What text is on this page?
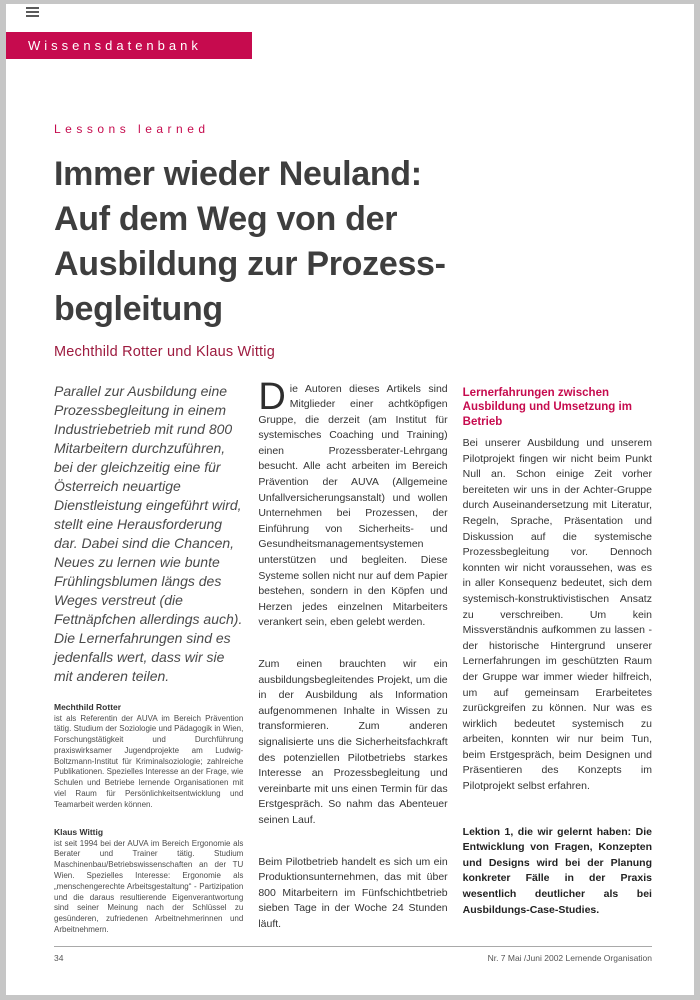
Wissensdatenbank
Lessons learned
Immer wieder Neuland:
Auf dem Weg von der
Ausbildung zur Prozess-
begleitung
Mechthild Rotter und Klaus Wittig

Parallel zur Ausbildung eine Prozessbegleitung in einem Industriebetrieb mit rund 800 Mitarbeitern durchzuführen, bei der gleichzeitig eine für Österreich neuartige Dienstleistung eingeführt wird, stellt eine Herausforderung dar. Dabei sind die Chancen, Neues zu lernen wie bunte Frühlingsblumen längs des Weges verstreut (die Fettnäpfchen allerdings auch). Die Lernerfahrungen sind es jedenfalls wert, dass wir sie mit anderen teilen.

Mechthild Rotter

ist als Referentin der AUVA im Bereich Prävention tätig. Studium der Soziologie und Pädagogik in Wien, Forschungstätigkeit und Durchführung praxiswirksamer Jugendprojekte am Ludwig-Boltzmann-Institut für Kriminalsoziologie; zahlreiche Publikationen. Spezielles Interesse an der Frage, wie Schulen und Betriebe lernende Organisationen mit viel Raum für Persönlichkeitsentwicklung und Teamarbeit werden können.

Klaus Wittig

ist seit 1994 bei der AUVA im Bereich Ergonomie als Berater und Trainer tätig. Studium Maschinenbau/Betriebswissenschaften an der TU Wien. Spezielles Interesse: Ergonomie als „menschengerechte Arbeitsgestaltung“ - Partizipation und die daraus resultierende Eigenverantwortung sind seiner Meinung nach der Schlüssel zu gesünderen, zufriedenen Arbeitnehmerinnen und Arbeitnehmern.

Die Autoren dieses Artikels sind Mitglieder einer achtköpfigen Gruppe, die derzeit (am Institut für systemisches Coaching und Training) einen Prozessberater-Lehrgang besucht. Alle acht arbeiten im Bereich Prävention der AUVA (Allgemeine Unfallversicherungsanstalt) und wollen Unternehmen bei Prozessen, der Einführung von Sicherheits- und Gesundheitsmanagementsystemen unterstützen und begleiten. Diese Systeme sollen nicht nur auf dem Papier bestehen, sondern in den Köpfen und Herzen jedes einzelnen Mitarbeiters verankert sein, eben gelebt werden.

Zum einen brauchten wir ein ausbildungsbegleitendes Projekt, um die in der Ausbildung als Information aufgenommenen Inhalte in Wissen zu transformieren. Zum anderen signalisierte uns die Sicherheitsfachkraft des potenziellen Pilotbetriebs starkes Interesse an Prozessbegleitung und vereinbarte mit uns einen Termin für das Erstgespräch. So nahm das Abenteuer seinen Lauf.

Beim Pilotbetrieb handelt es sich um ein Produktionsunternehmen, das mit über 800 Mitarbeitern im Fünfschichtbetrieb sieben Tage in der Woche 24 Stunden läuft.

Lernerfahrungen zwischen Ausbildung und Umsetzung im Betrieb

Bei unserer Ausbildung und unserem Pilotprojekt fingen wir nicht beim Punkt Null an. Schon einige Zeit vorher bereiteten wir uns in der Achter-Gruppe durch Auseinandersetzung mit Literatur, Regeln, Sprache, Präsentation und Diskussion auf die systemische Prozessbegleitung vor. Dennoch konnten wir nicht voraussehen, was es in aller Konsequenz bedeutet, sich dem systemisch-konstruktivistischen Ansatz zu verschreiben. Um kein Missverständnis aufkommen zu lassen - der historische Hintergrund unserer Lernerfahrungen im geschützten Raum der Gruppe war immer wieder hilfreich, um auf gemeinsam Erarbeitetes zurückgreifen zu können. Nur was es wirklich bedeutet systemisch zu arbeiten, konnten wir nur beim Tun, beim Erstgespräch, beim Designen und Präsentieren des Konzepts im Pilotprojekt selbst erfahren.

Lektion 1, die wir gelernt haben: Die Entwicklung von Fragen, Konzepten und Designs wird bei der Planung konkreter Fälle in der Praxis wesentlich deutlicher als bei Ausbildungs-Case-Studies.

34	Nr. 7 Mai /Juni 2002 Lernende Organisation
